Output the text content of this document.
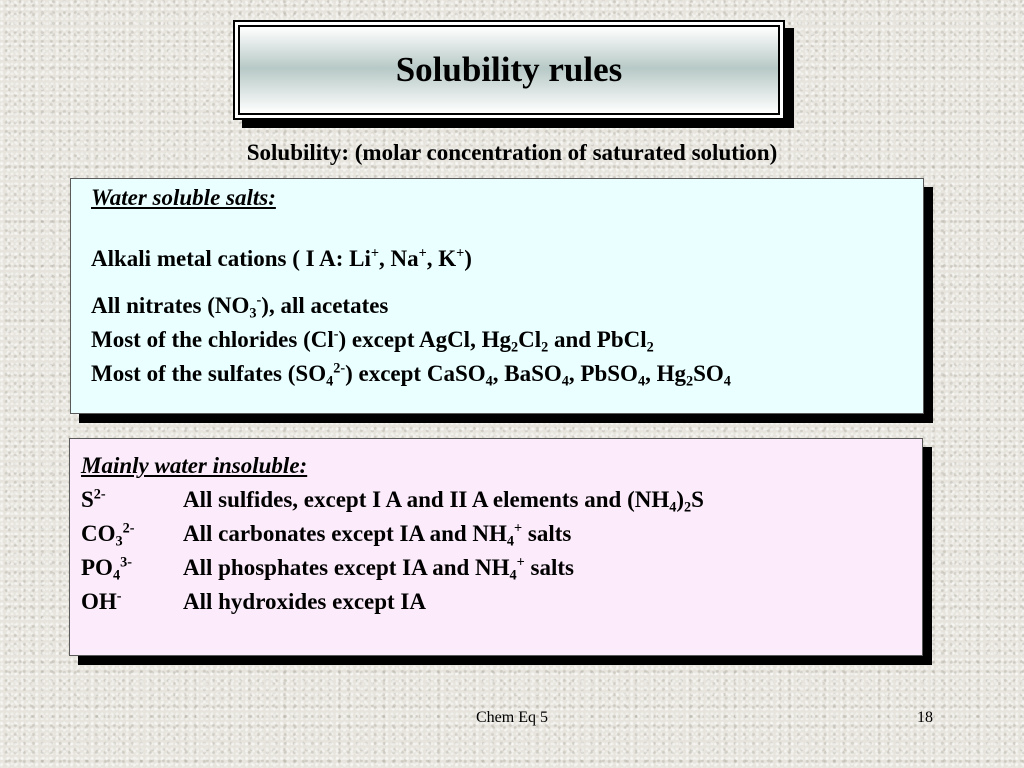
Solubility rules
Solubility: (molar concentration of saturated solution)
Water soluble salts:
Alkali metal cations ( I A: Li+, Na+, K+)
All nitrates $(NO_3^-)$, all acetates
Most of the chlorides (Cl-) except AgCl, $Hg_2Cl_2$ and PbCl$_2$
Most of the sulfates $(SO_4^{2-})$ except CaSO$_4$, BaSO$_4$, PbSO$_4$, $Hg_2SO_4$
Mainly water insoluble:
$S^{2-}$	All sulfides, except I A and II A elements and $(NH_4)_2S$
$CO_3^{2-}$ All carbonates except IA and $NH_4^+$ salts
$PO_4^{3-}$ All phosphates except IA and $NH_4^+$ salts
OH-	All hydroxides except IA
Chem Eq 5	18
